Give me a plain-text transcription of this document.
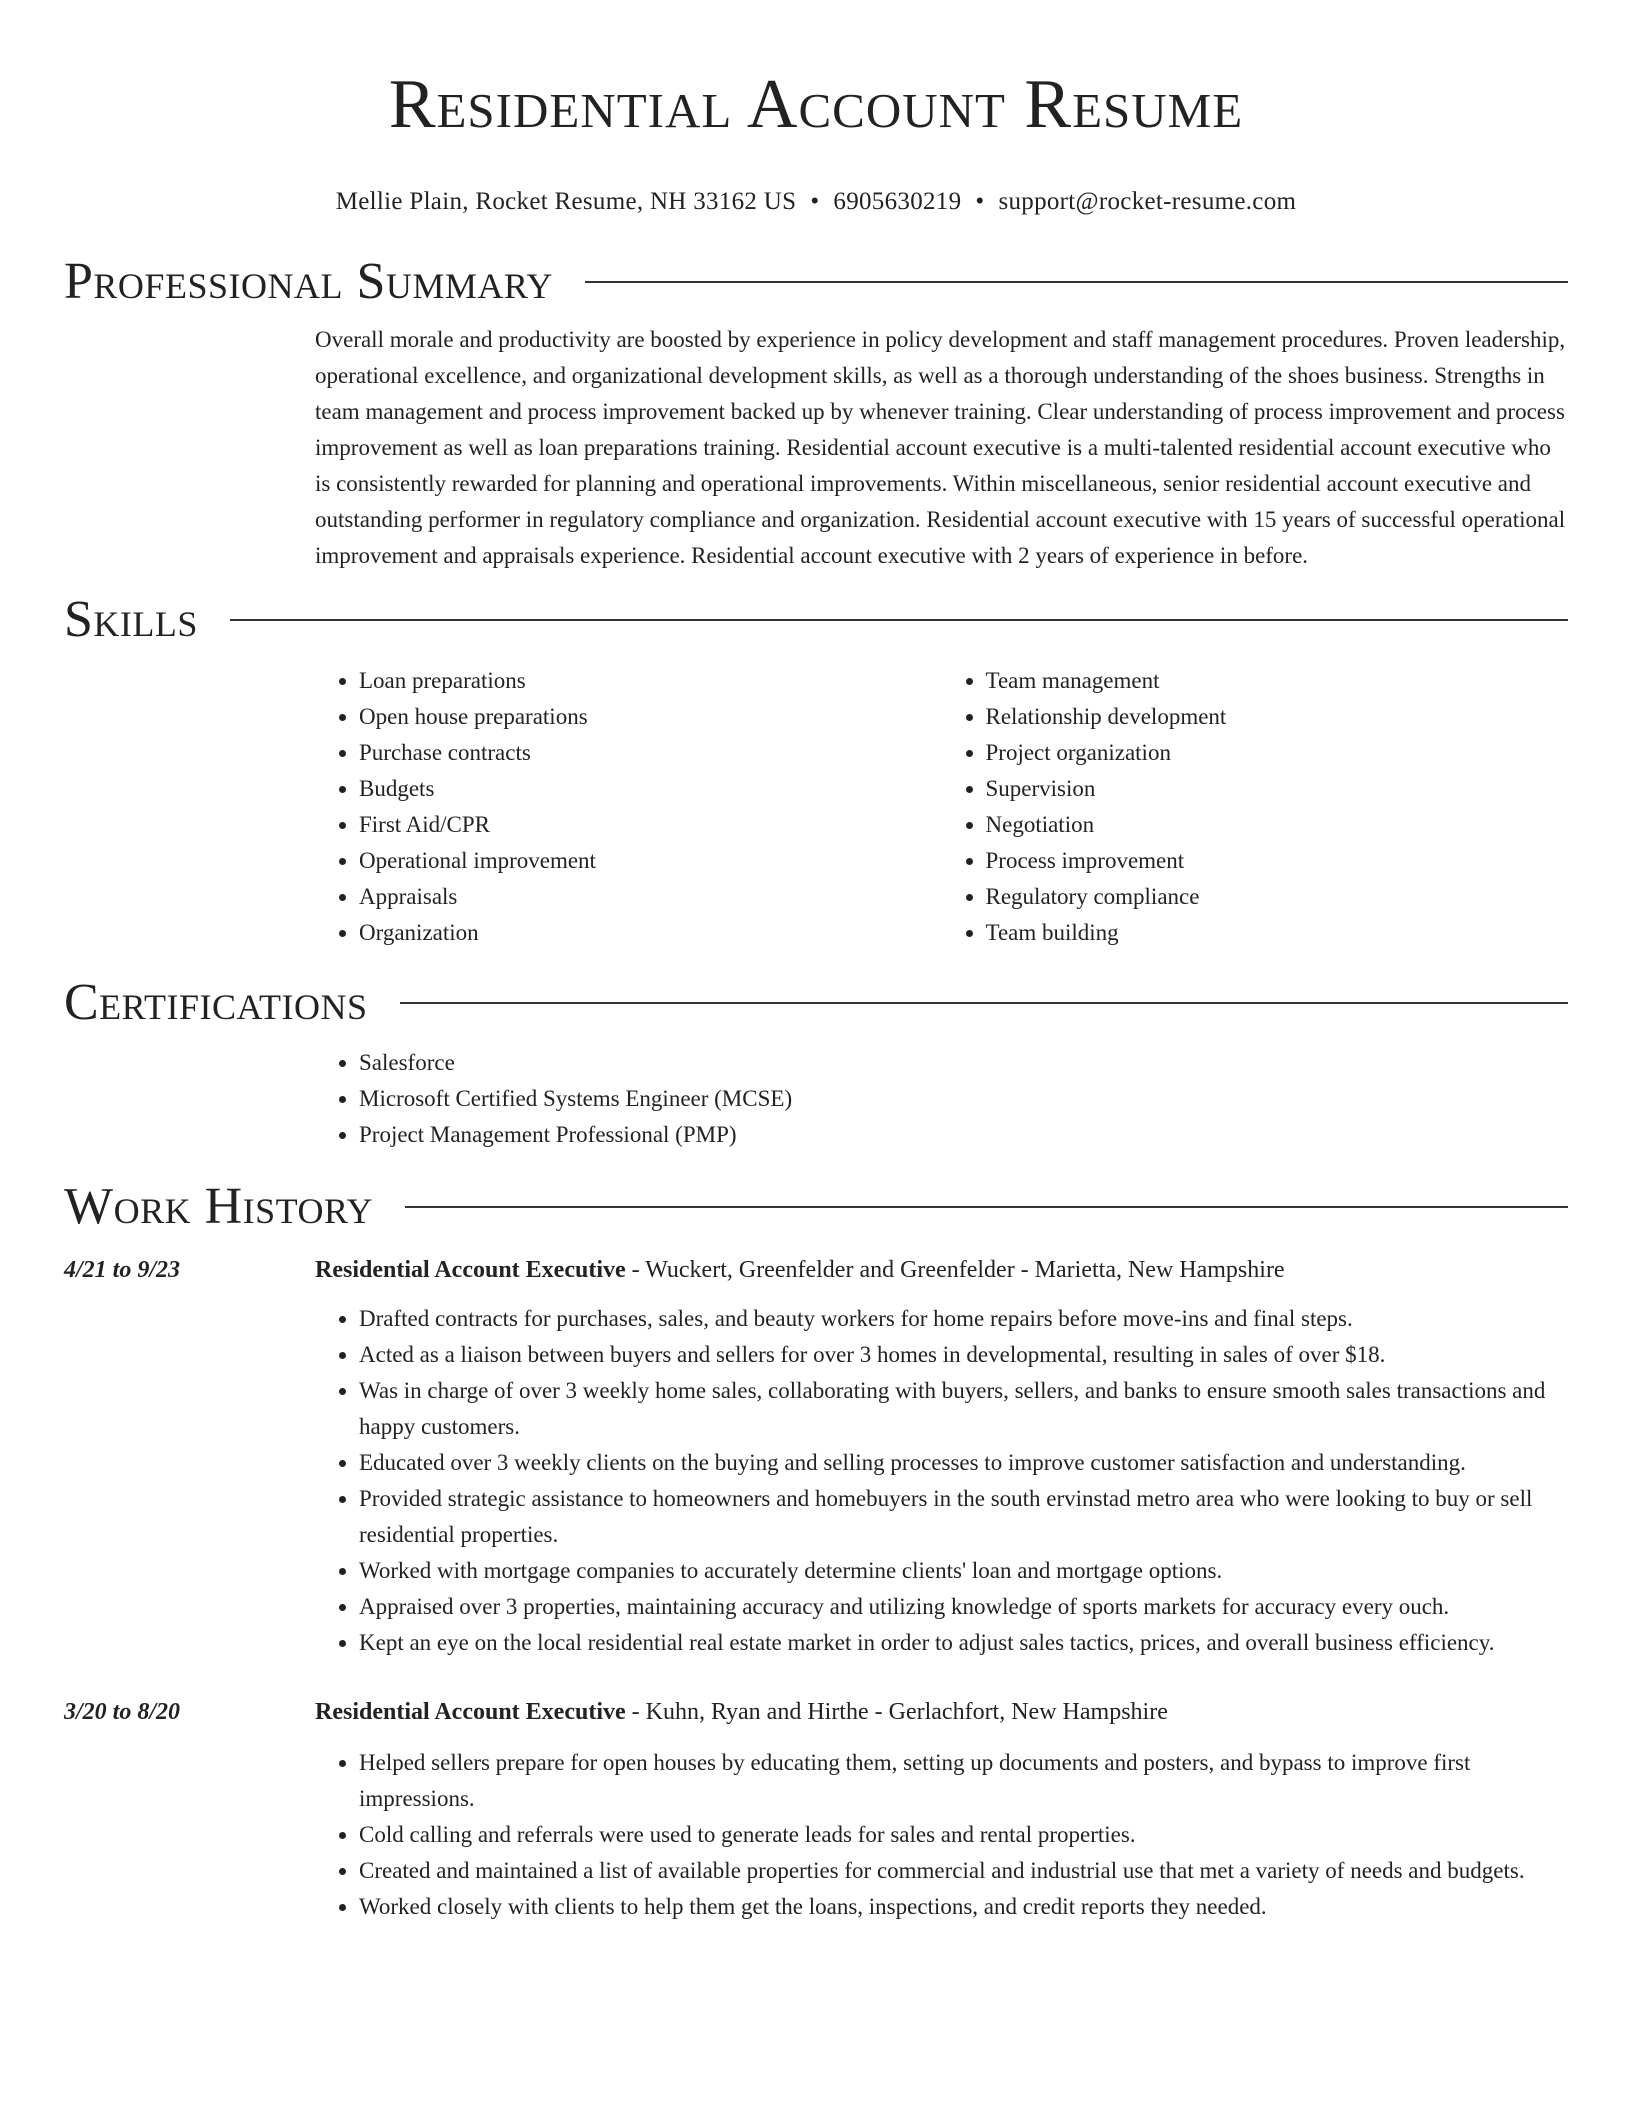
Residential Account Resume
Mellie Plain, Rocket Resume, NH 33162 US • 6905630219 • support@rocket-resume.com
Professional Summary
Overall morale and productivity are boosted by experience in policy development and staff management procedures. Proven leadership, operational excellence, and organizational development skills, as well as a thorough understanding of the shoes business. Strengths in team management and process improvement backed up by whenever training. Clear understanding of process improvement and process improvement as well as loan preparations training. Residential account executive is a multi-talented residential account executive who is consistently rewarded for planning and operational improvements. Within miscellaneous, senior residential account executive and outstanding performer in regulatory compliance and organization. Residential account executive with 15 years of successful operational improvement and appraisals experience. Residential account executive with 2 years of experience in before.
Skills
• Loan preparations
• Open house preparations
• Purchase contracts
• Budgets
• First Aid/CPR
• Operational improvement
• Appraisals
• Organization
• Team management
• Relationship development
• Project organization
• Supervision
• Negotiation
• Process improvement
• Regulatory compliance
• Team building
Certifications
• Salesforce
• Microsoft Certified Systems Engineer (MCSE)
• Project Management Professional (PMP)
Work History
4/21 to 9/23	Residential Account Executive - Wuckert, Greenfelder and Greenfelder - Marietta, New Hampshire
• Drafted contracts for purchases, sales, and beauty workers for home repairs before move-ins and final steps.
• Acted as a liaison between buyers and sellers for over 3 homes in developmental, resulting in sales of over $18.
• Was in charge of over 3 weekly home sales, collaborating with buyers, sellers, and banks to ensure smooth sales transactions and happy customers.
• Educated over 3 weekly clients on the buying and selling processes to improve customer satisfaction and understanding.
• Provided strategic assistance to homeowners and homebuyers in the south ervinstad metro area who were looking to buy or sell residential properties.
• Worked with mortgage companies to accurately determine clients' loan and mortgage options.
• Appraised over 3 properties, maintaining accuracy and utilizing knowledge of sports markets for accuracy every ouch.
• Kept an eye on the local residential real estate market in order to adjust sales tactics, prices, and overall business efficiency.
3/20 to 8/20	Residential Account Executive - Kuhn, Ryan and Hirthe - Gerlachfort, New Hampshire
• Helped sellers prepare for open houses by educating them, setting up documents and posters, and bypass to improve first impressions.
• Cold calling and referrals were used to generate leads for sales and rental properties.
• Created and maintained a list of available properties for commercial and industrial use that met a variety of needs and budgets.
• Worked closely with clients to help them get the loans, inspections, and credit reports they needed.
